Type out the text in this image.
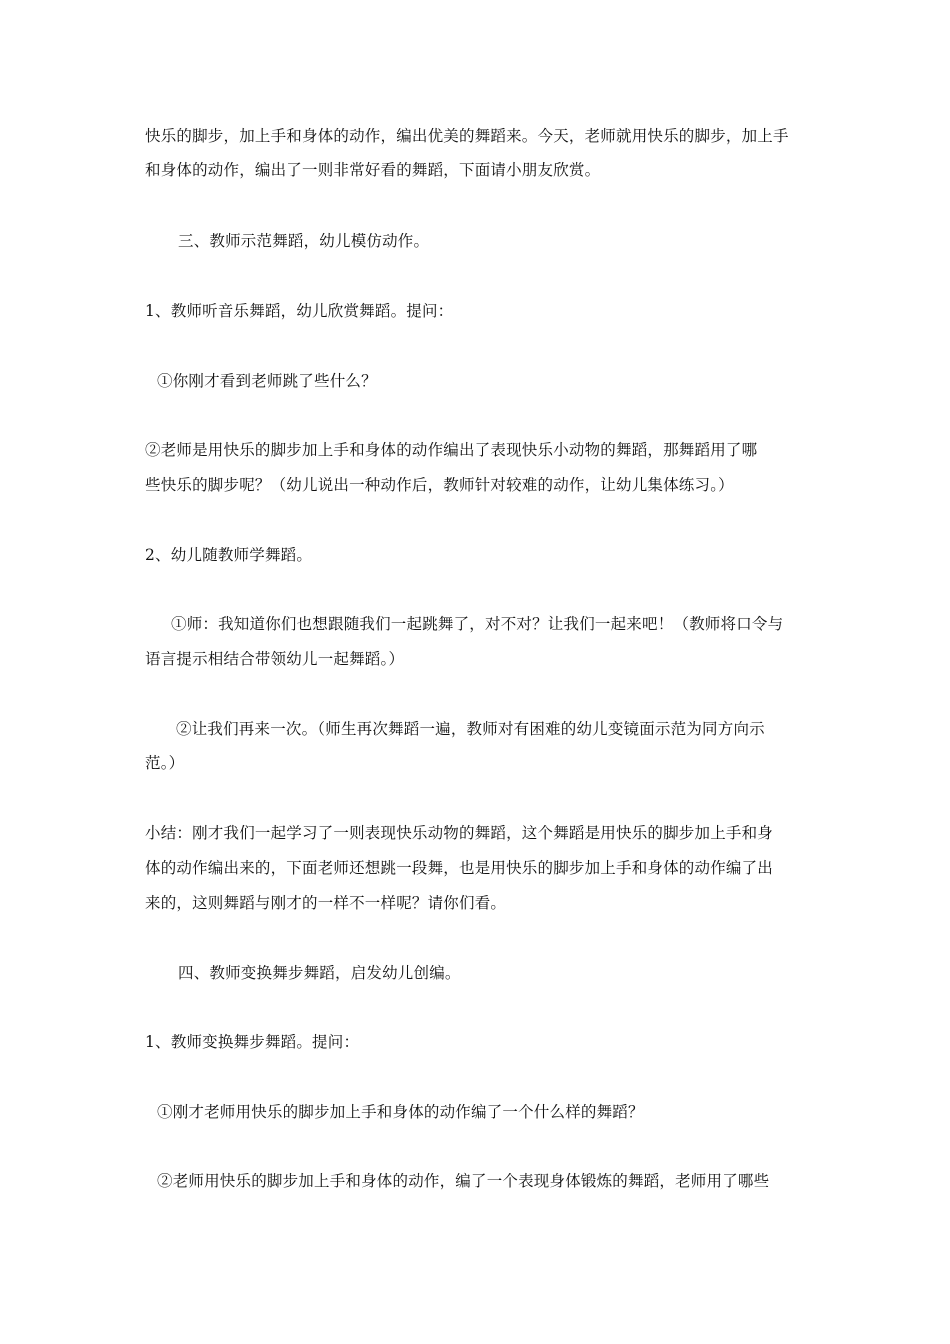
快乐的脚步，加上手和身体的动作，编出优美的舞蹈来。今天，老师就用快乐的脚步，加上手
和身体的动作，编出了一则非常好看的舞蹈，下面请小朋友欣赏。
三、教师示范舞蹈，幼儿模仿动作。
1、教师听音乐舞蹈，幼儿欣赏舞蹈。提问：
①你刚才看到老师跳了些什么？
②老师是用快乐的脚步加上手和身体的动作编出了表现快乐小动物的舞蹈，那舞蹈用了哪
些快乐的脚步呢？（幼儿说出一种动作后，教师针对较难的动作，让幼儿集体练习。）
2、幼儿随教师学舞蹈。
①师：我知道你们也想跟随我们一起跳舞了，对不对？让我们一起来吧！（教师将口令与
语言提示相结合带领幼儿一起舞蹈。）
②让我们再来一次。（师生再次舞蹈一遍，教师对有困难的幼儿变镜面示范为同方向示
范。）
小结：刚才我们一起学习了一则表现快乐动物的舞蹈，这个舞蹈是用快乐的脚步加上手和身
体的动作编出来的，下面老师还想跳一段舞，也是用快乐的脚步加上手和身体的动作编了出
来的，这则舞蹈与刚才的一样不一样呢？请你们看。
四、教师变换舞步舞蹈，启发幼儿创编。
1、教师变换舞步舞蹈。提问：
①刚才老师用快乐的脚步加上手和身体的动作编了一个什么样的舞蹈？
②老师用快乐的脚步加上手和身体的动作，编了一个表现身体锻炼的舞蹈，老师用了哪些
